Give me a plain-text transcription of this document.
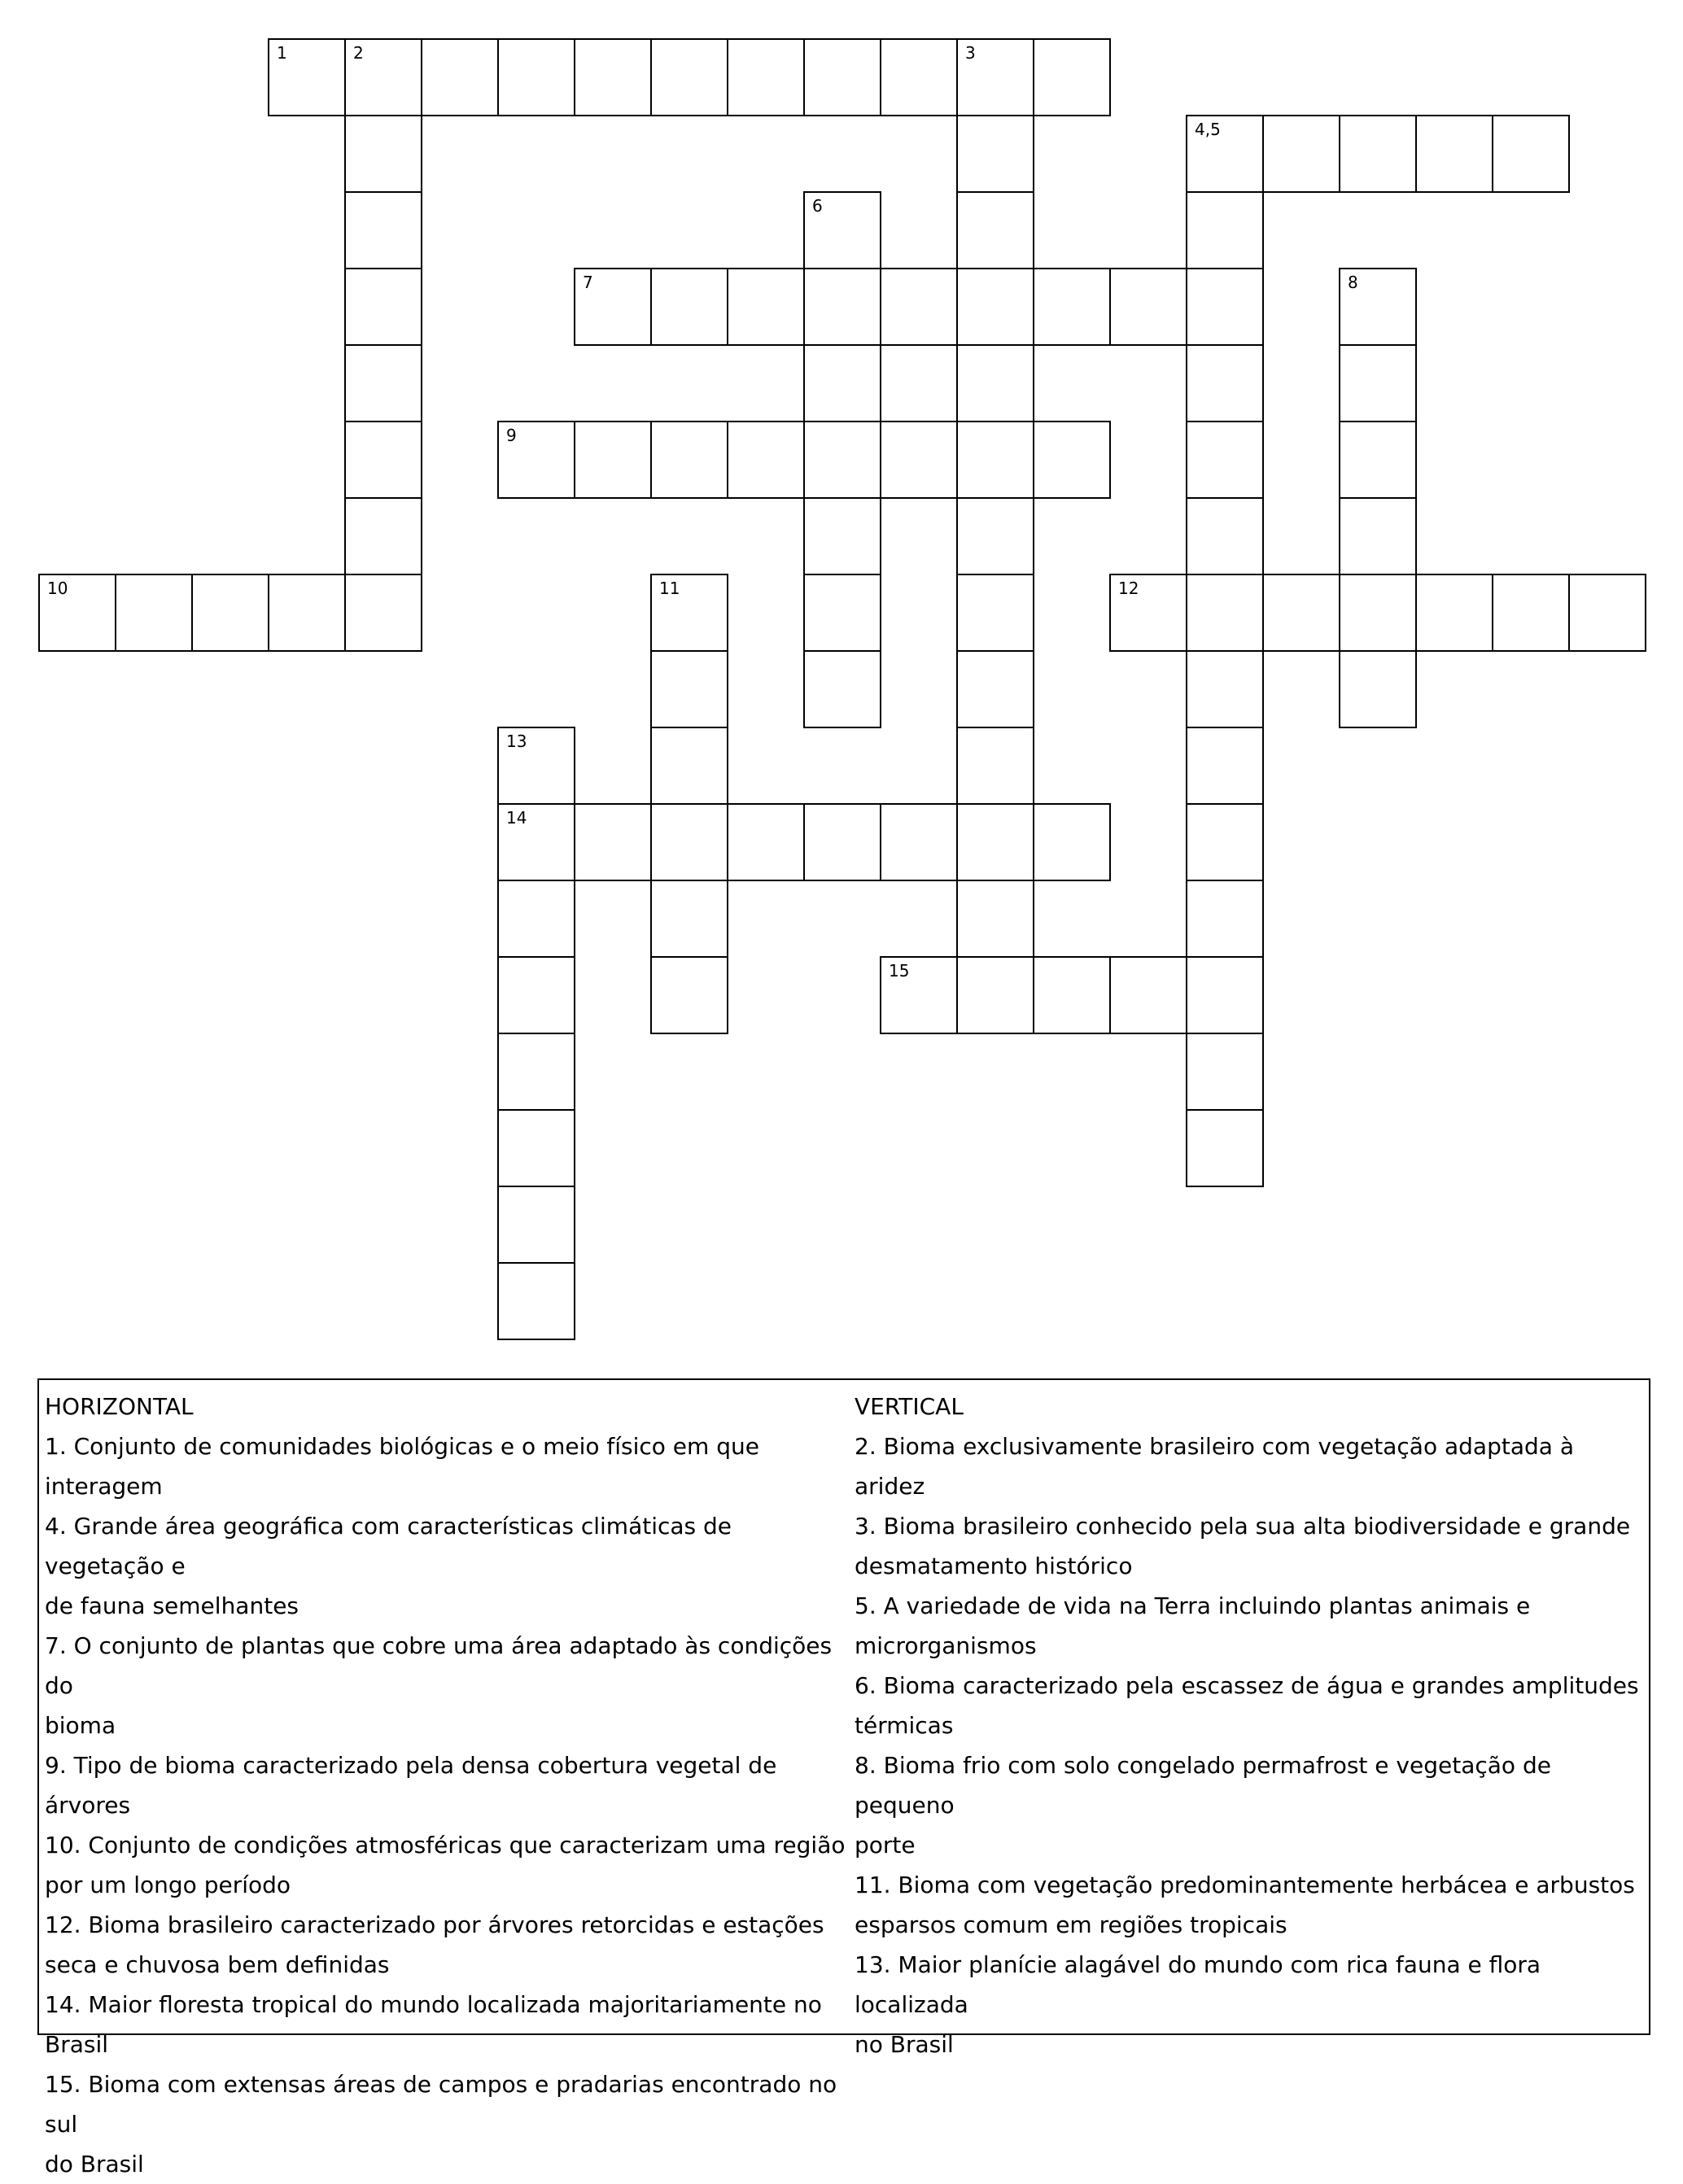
1	2	3
4,5
6
7	8
9
10	11	12
13
14
15
HORIZONTAL
1. Conjunto de comunidades biológicas e o meio físico em que interagem
4. Grande área geográfica com características climáticas de vegetação e
de fauna semelhantes
7. O conjunto de plantas que cobre uma área adaptado às condições do
bioma
9. Tipo de bioma caracterizado pela densa cobertura vegetal de árvores
10. Conjunto de condições atmosféricas que caracterizam uma região
por um longo período
12. Bioma brasileiro caracterizado por árvores retorcidas e estações
seca e chuvosa bem definidas
14. Maior floresta tropical do mundo localizada majoritariamente no
Brasil
15. Bioma com extensas áreas de campos e pradarias encontrado no sul
do Brasil
VERTICAL
2. Bioma exclusivamente brasileiro com vegetação adaptada à aridez
3. Bioma brasileiro conhecido pela sua alta biodiversidade e grande
desmatamento histórico
5. A variedade de vida na Terra incluindo plantas animais e
microrganismos
6. Bioma caracterizado pela escassez de água e grandes amplitudes
térmicas
8. Bioma frio com solo congelado permafrost e vegetação de pequeno
porte
11. Bioma com vegetação predominantemente herbácea e arbustos
esparsos comum em regiões tropicais
13. Maior planície alagável do mundo com rica fauna e flora localizada
no Brasil
